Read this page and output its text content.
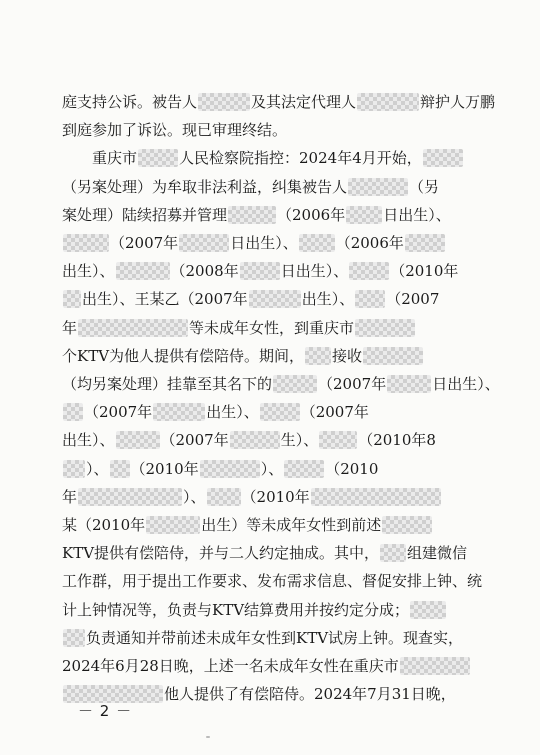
庭支持公诉。被告人	及其法定代理人	辩护人万鹏
到庭参加了诉讼。现已审理终结。
　　重庆市	人民检察院指控：2024年4月开始，
（另案处理）为牟取非法利益，纠集被告人	（另
案处理）陆续招募并管理	（2006年	日出生）、
（2007年	日出生）、	（2006年
出生）、	（2008年	日出生）、	（2010年
出生）、王某乙（2007年	出生）、 （2007
年	等未成年女性，到重庆市
个KTV为他人提供有偿陪侍。期间， 接收
（均另案处理）挂靠至其名下的	（2007年	日出生）、
（2007年	出生）、	（2007年
出生）、	（2007年	生）、	（2010年8
）、 （2010年	）、	（2010
年	）、 （2010年
某（2010年	出生）等未成年女性到前述
KTV提供有偿陪侍，并与二人约定抽成。其中， 组建微信
工作群，用于提出工作要求、发布需求信息、督促安排上钟、统
计上钟情况等，负责与KTV结算费用并按约定分成；
负责通知并带前述未成年女性到KTV试房上钟。现查实，
2024年6月28日晚，上述一名未成年女性在重庆市
他人提供了有偿陪侍。2024年7月31日晚，
－ 2 －
